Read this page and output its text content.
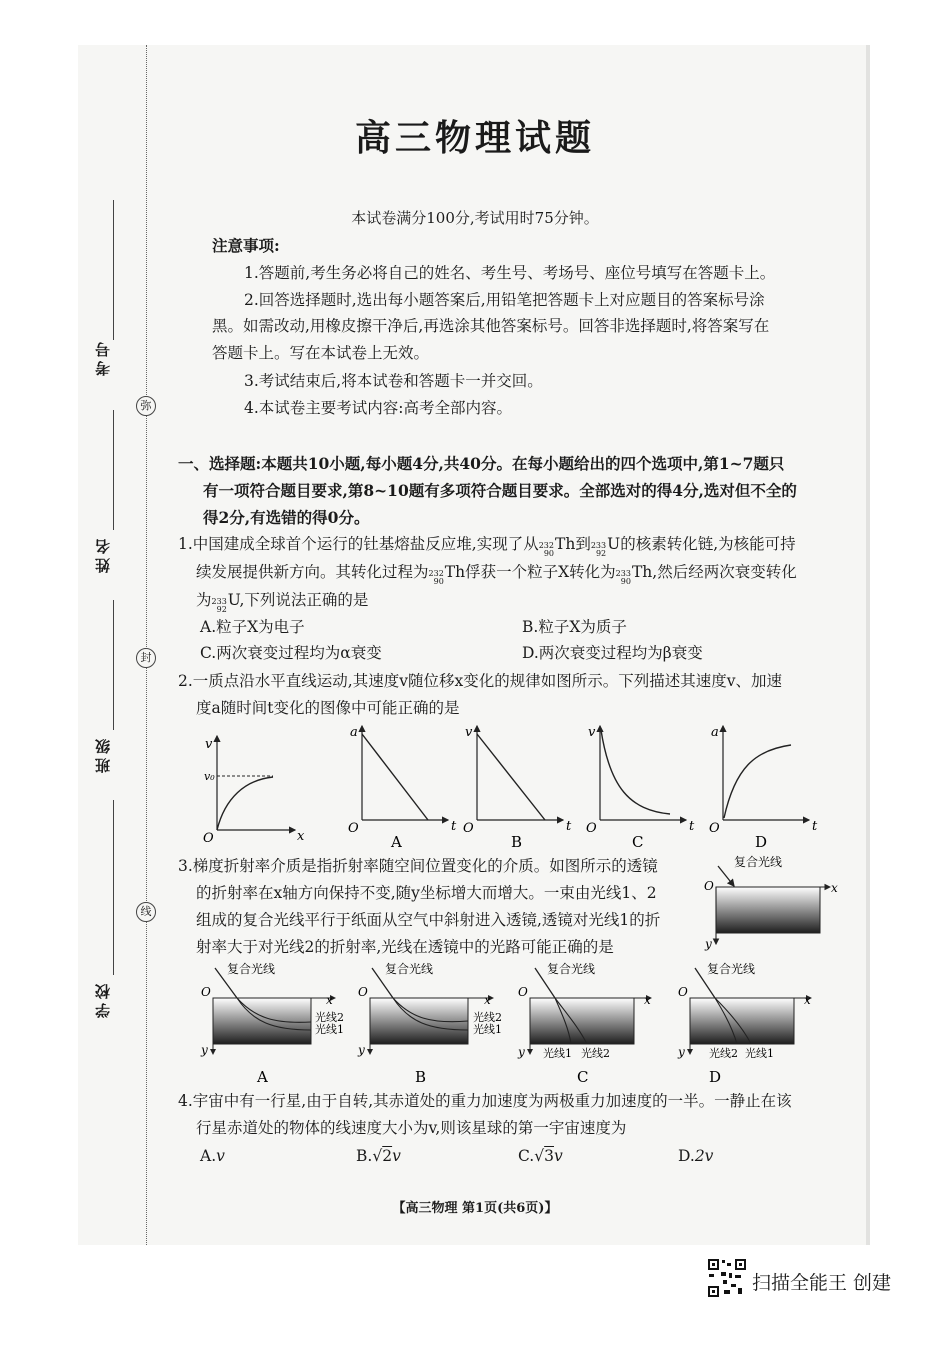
考号
姓名
班级
学校
弥
封
线
高三物理试题
本试卷满分100分,考试用时75分钟。
注意事项:
1.答题前,考生务必将自己的姓名、考生号、考场号、座位号填写在答题卡上。
2.回答选择题时,选出每小题答案后,用铅笔把答题卡上对应题目的答案标号涂
黑。如需改动,用橡皮擦干净后,再选涂其他答案标号。回答非选择题时,将答案写在
答题卡上。写在本试卷上无效。
3.考试结束后,将本试卷和答题卡一并交回。
4.本试卷主要考试内容:高考全部内容。
一、选择题:本题共10小题,每小题4分,共40分。在每小题给出的四个选项中,第1~7题只
有一项符合题目要求,第8~10题有多项符合题目要求。全部选对的得4分,选对但不全的
得2分,有选错的得0分。
1.中国建成全球首个运行的钍基熔盐反应堆,实现了从 232
90
Th到 233
92
U的核素转化链,为核能可持
续发展提供新方向。其转化过程为 232
90
Th俘获一个粒子X转化为 233
90
Th,然后经两次衰变转化
为 233
92
U,下列说法正确的是
A.粒子X为电子	B.粒子X为质子
C.两次衰变过程均为α衰变	D.两次衰变过程均为β衰变
2.一质点沿水平直线运动,其速度v随位移x变化的规律如图所示。下列描述其速度v、加速
度a随时间t变化的图像中可能正确的是
v
x
O
v₀
a
t
O
A
v
t
O
B
v
t
O
C
a
t
O
D
3.梯度折射率介质是指折射率随空间位置变化的介质。如图所示的透镜
的折射率在x轴方向保持不变,随y坐标增大而增大。一束由光线1、2
组成的复合光线平行于纸面从空气中斜射进入透镜,透镜对光线1的折
射率大于对光线2的折射率,光线在透镜中的光路可能正确的是
复合光线
O	x
y
复合光线
O
x
y
光线2
光线1
A
复合光线
O
x
y
光线2
光线1
B
复合光线
O
x
y 光线1 光线2
C
复合光线
O
x
y 光线2 光线1
D
4.宇宙中有一行星,由于自转,其赤道处的重力加速度为两极重力加速度的一半。一静止在该
行星赤道处的物体的线速度大小为v,则该星球的第一宇宙速度为
A.v	B.√2v	C.√3v	D.2v
【高三物理 第1页(共6页)】
扫描全能王 创建
